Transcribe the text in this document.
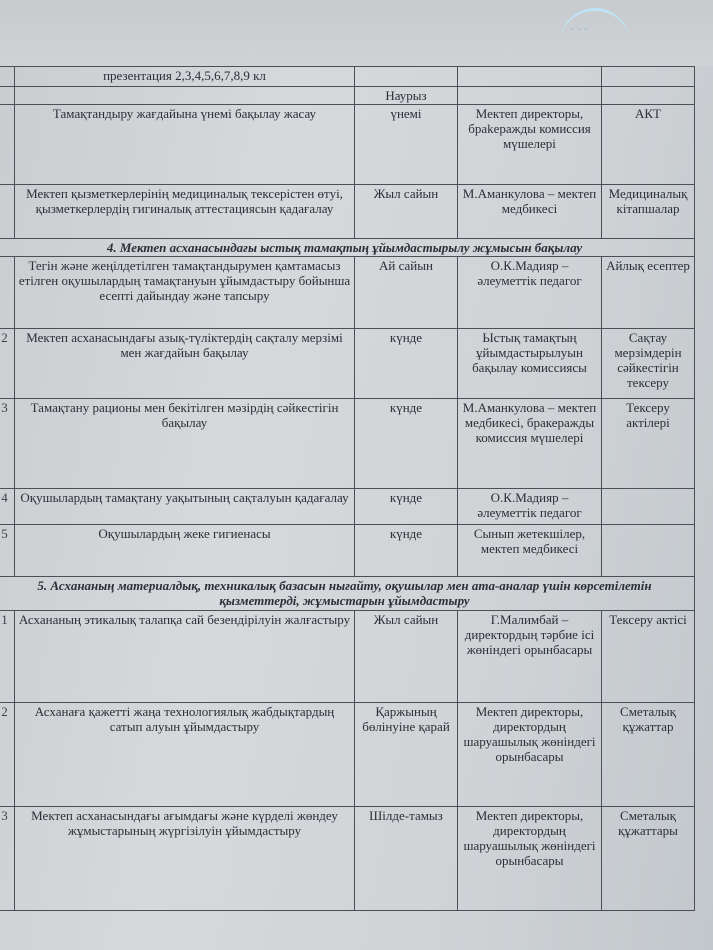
~ ~ ~
	презентация 2,3,4,5,6,7,8,9 кл			
		Наурыз		
	Тамақтандыру жағдайына үнемі бақылау жасау	үнемі	Мектеп директоры, брakeражды комиссия мүшелері	АКТ
	Мектеп қызметкерлерінің медициналық тексерістен өтуі, қызметкерлердің гигиналық аттестациясын қадағалау	Жыл сайын	М.Аманкулова – мектеп медбикесі	Медициналық кітапшалар
4. Мектеп асханасындағы ыстық тамақтың ұйымдастырылу жұмысын бақылау				
	Тегін және жеңілдетілген тамақтандырумен қамтамасыз етілген оқушылардың тамақтануын ұйымдастыру бойынша есепті дайындау және тапсыру	Ай сайын	О.К.Мадияр – әлеуметтік педагог	Айлық есептер
2	Мектеп асханасындағы азық-түліктердің сақталу мерзімі мен жағдайын бақылау	күнде	Ыстық тамақтың ұйымдастырылуын бақылау комиссиясы	Сақтау мерзімдерін сәйкестігін тексеру
3	Тамақтану рационы мен бекітілген мәзірдің сәйкестігін бақылау	күнде	М.Аманкулова – мектеп медбикесі, бракеражды комиссия мүшелері	Тексеру актілері
4	Оқушылардың тамақтану уақытының сақталуын қадағалау	күнде	О.К.Мадияр – әлеуметтік педагог	
5	Оқушылардың жеке гигиенасы	күнде	Сынып жетекшілер, мектеп медбикесі	
5. Асхананың материалдық, техникалық базасын нығайту, оқушылар мен ата-аналар үшін көрсетілетін қызметтерді, жұмыстарын ұйымдастыру				
1	Асхананың этикалық талапқа сай безендірілуін жалғастыру	Жыл сайын	Г.Малимбай – директордың тәрбие ісі жөніндегі орынбасары	Тексеру актісі
2	Асханаға қажетті жаңа технологиялық жабдықтардың сатып алуын ұйымдастыру	Қаржының бөлінуіне қарай	Мектеп директоры, директордың шаруашылық жөніндегі орынбасары	Сметалық құжаттар
3	Мектеп асханасындағы ағымдағы және күрделі жөндеу жұмыстарының жүргізілуін ұйымдастыру	Шілде-тамыз	Мектеп директоры, директордың шаруашылық жөніндегі орынбасары	Сметалық құжаттары
